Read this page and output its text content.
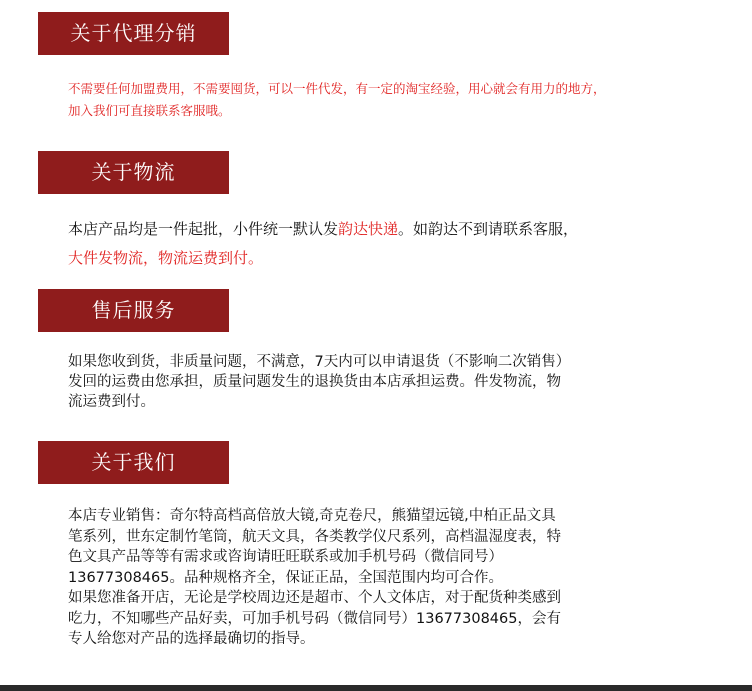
关于代理分销
不需要任何加盟费用，不需要囤货，可以一件代发，有一定的淘宝经验，用心就会有用力的地方，
加入我们可直接联系客服哦。
关于物流
本店产品均是一件起批，小件统一默认发韵达快递。如韵达不到请联系客服，
大件发物流，物流运费到付。
售后服务
如果您收到货，非质量问题，不满意，7天内可以申请退货（不影响二次销售）
发回的运费由您承担，质量问题发生的退换货由本店承担运费。件发物流，物
流运费到付。
关于我们
本店专业销售：奇尔特高档高倍放大镜,奇克卷尺，熊猫望远镜,中柏正品文具
笔系列，世东定制竹笔筒，航天文具，各类教学仪尺系列，高档温湿度表，特
色文具产品等等有需求或咨询请旺旺联系或加手机号码（微信同号）
13677308465。品种规格齐全，保证正品，全国范围内均可合作。
如果您准备开店，无论是学校周边还是超市、个人文体店，对于配货种类感到
吃力，不知哪些产品好卖，可加手机号码（微信同号）13677308465，会有
专人给您对产品的选择最确切的指导。
